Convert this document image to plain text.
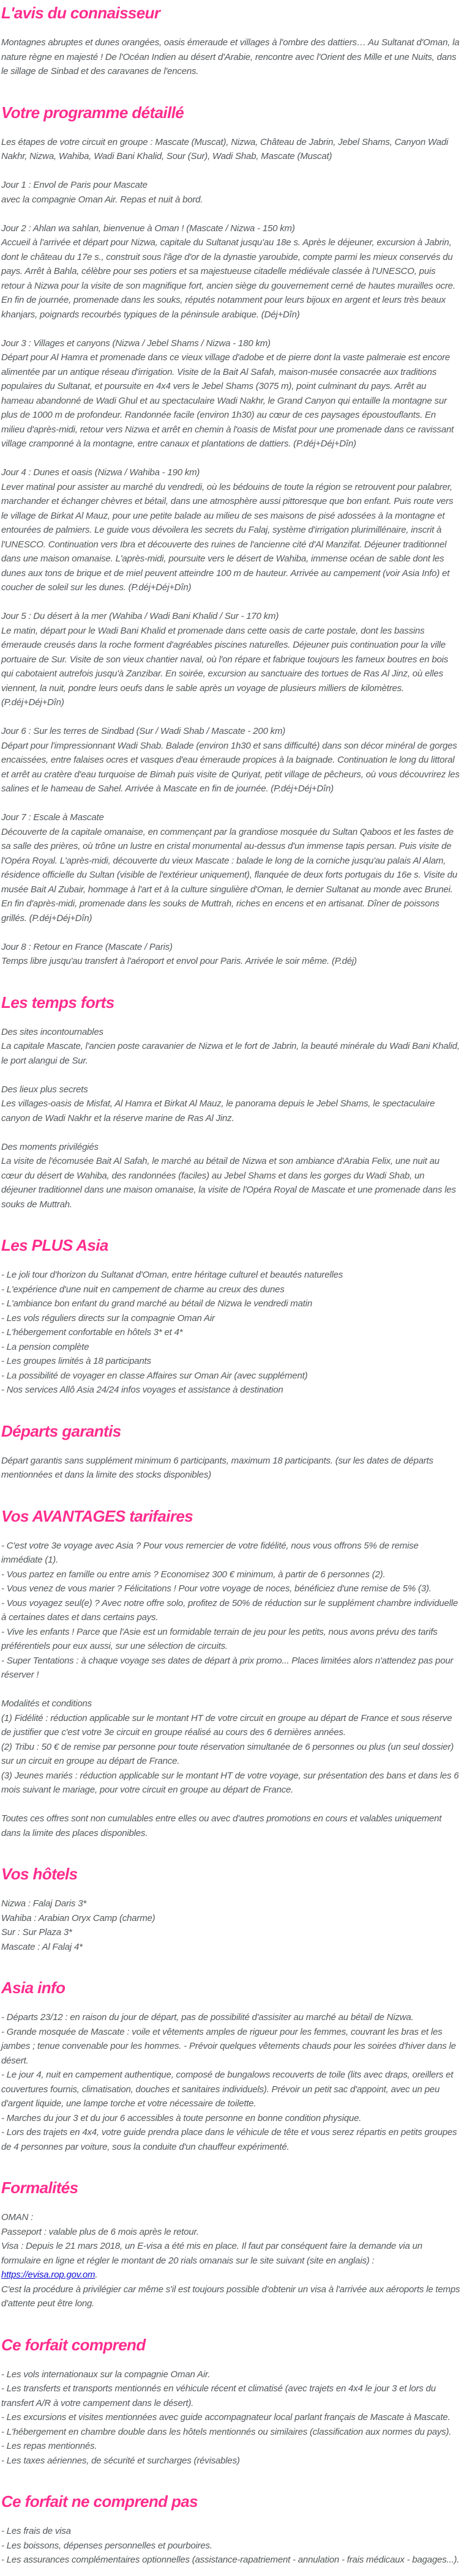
L'avis du connaisseur

Montagnes abruptes et dunes orangées, oasis émeraude et villages à l'ombre des dattiers… Au Sultanat d'Oman, la nature règne en majesté ! De l'Océan Indien au désert d'Arabie, rencontre avec l'Orient des Mille et une Nuits, dans le sillage de Sinbad et des caravanes de l'encens.

Votre programme détaillé

Les étapes de votre circuit en groupe : Mascate (Muscat), Nizwa, Château de Jabrin, Jebel Shams, Canyon Wadi Nakhr, Nizwa, Wahiba, Wadi Bani Khalid, Sour (Sur), Wadi Shab, Mascate (Muscat)

Jour 1 : Envol de Paris pour Mascate
avec la compagnie Oman Air. Repas et nuit à bord.

Jour 2 : Ahlan wa sahlan, bienvenue à Oman ! (Mascate / Nizwa - 150 km)
Accueil à l'arrivée et départ pour Nizwa, capitale du Sultanat jusqu'au 18e s. Après le déjeuner, excursion à Jabrin, dont le château du 17e s., construit sous l'âge d'or de la dynastie yaroubide, compte parmi les mieux conservés du pays. Arrêt à Bahla, célèbre pour ses potiers et sa majestueuse citadelle médiévale classée à l'UNESCO, puis retour à Nizwa pour la visite de son magnifique fort, ancien siège du gouvernement cerné de hautes murailles ocre. En fin de journée, promenade dans les souks, réputés notamment pour leurs bijoux en argent et leurs très beaux khanjars, poignards recourbés typiques de la péninsule arabique. (Déj+Dîn)

Jour 3 : Villages et canyons (Nizwa / Jebel Shams / Nizwa - 180 km)
Départ pour Al Hamra et promenade dans ce vieux village d'adobe et de pierre dont la vaste palmeraie est encore alimentée par un antique réseau d'irrigation. Visite de la Bait Al Safah, maison-musée consacrée aux traditions populaires du Sultanat, et poursuite en 4x4 vers le Jebel Shams (3075 m), point culminant du pays. Arrêt au hameau abandonné de Wadi Ghul et au spectaculaire Wadi Nakhr, le Grand Canyon qui entaille la montagne sur plus de 1000 m de profondeur. Randonnée facile (environ 1h30) au cœur de ces paysages époustouflants. En milieu d'après-midi, retour vers Nizwa et arrêt en chemin à l'oasis de Misfat pour une promenade dans ce ravissant village cramponné à la montagne, entre canaux et plantations de dattiers. (P.déj+Déj+Dîn)

Jour 4 : Dunes et oasis (Nizwa / Wahiba - 190 km)
Lever matinal pour assister au marché du vendredi, où les bédouins de toute la région se retrouvent pour palabrer, marchander et échanger chèvres et bétail, dans une atmosphère aussi pittoresque que bon enfant. Puis route vers le village de Birkat Al Mauz, pour une petite balade au milieu de ses maisons de pisé adossées à la montagne et entourées de palmiers. Le guide vous dévoilera les secrets du Falaj, système d'irrigation plurimillénaire, inscrit à l'UNESCO. Continuation vers Ibra et découverte des ruines de l'ancienne cité d'Al Manzifat. Déjeuner traditionnel dans une maison omanaise. L'après-midi, poursuite vers le désert de Wahiba, immense océan de sable dont les dunes aux tons de brique et de miel peuvent atteindre 100 m de hauteur. Arrivée au campement (voir Asia Info) et coucher de soleil sur les dunes. (P.déj+Déj+Dîn)

Jour 5 : Du désert à la mer (Wahiba / Wadi Bani Khalid / Sur - 170 km)
Le matin, départ pour le Wadi Bani Khalid et promenade dans cette oasis de carte postale, dont les bassins émeraude creusés dans la roche forment d'agréables piscines naturelles. Déjeuner puis continuation pour la ville portuaire de Sur. Visite de son vieux chantier naval, où l'on répare et fabrique toujours les fameux boutres en bois qui cabotaient autrefois jusqu'à Zanzibar. En soirée, excursion au sanctuaire des tortues de Ras Al Jinz, où elles viennent, la nuit, pondre leurs oeufs dans le sable après un voyage de plusieurs milliers de kilomètres. (P.déj+Déj+Dîn)

Jour 6 : Sur les terres de Sindbad (Sur / Wadi Shab / Mascate - 200 km)
Départ pour l'impressionnant Wadi Shab. Balade (environ 1h30 et sans difficulté) dans son décor minéral de gorges encaissées, entre falaises ocres et vasques d'eau émeraude propices à la baignade. Continuation le long du littoral et arrêt au cratère d'eau turquoise de Bimah puis visite de Quriyat, petit village de pêcheurs, où vous découvrirez les salines et le hameau de Sahel. Arrivée à Mascate en fin de journée. (P.déj+Déj+Dîn)

Jour 7 : Escale à Mascate
Découverte de la capitale omanaise, en commençant par la grandiose mosquée du Sultan Qaboos et les fastes de sa salle des prières, où trône un lustre en cristal monumental au-dessus d'un immense tapis persan. Puis visite de l'Opéra Royal. L'après-midi, découverte du vieux Mascate : balade le long de la corniche jusqu'au palais Al Alam, résidence officielle du Sultan (visible de l'extérieur uniquement), flanquée de deux forts portugais du 16e s. Visite du musée Bait Al Zubair, hommage à l'art et à la culture singulière d'Oman, le dernier Sultanat au monde avec Brunei. En fin d'après-midi, promenade dans les souks de Muttrah, riches en encens et en artisanat. Dîner de poissons grillés. (P.déj+Déj+Dîn)

Jour 8 : Retour en France (Mascate / Paris)
Temps libre jusqu'au transfert à l'aéroport et envol pour Paris. Arrivée le soir même. (P.déj)

Les temps forts

Des sites incontournables
La capitale Mascate, l'ancien poste caravanier de Nizwa et le fort de Jabrin, la beauté minérale du Wadi Bani Khalid, le port alangui de Sur.

Des lieux plus secrets
Les villages-oasis de Misfat, Al Hamra et Birkat Al Mauz, le panorama depuis le Jebel Shams, le spectaculaire canyon de Wadi Nakhr et la réserve marine de Ras Al Jinz.

Des moments privilégiés
La visite de l'écomusée Bait Al Safah, le marché au bétail de Nizwa et son ambiance d'Arabia Felix, une nuit au cœur du désert de Wahiba, des randonnées (faciles) au Jebel Shams et dans les gorges du Wadi Shab, un déjeuner traditionnel dans une maison omanaise, la visite de l'Opéra Royal de Mascate et une promenade dans les souks de Muttrah.

Les PLUS Asia

- Le joli tour d'horizon du Sultanat d'Oman, entre héritage culturel et beautés naturelles
- L'expérience d'une nuit en campement de charme au creux des dunes
- L'ambiance bon enfant du grand marché au bétail de Nizwa le vendredi matin
- Les vols réguliers directs sur la compagnie Oman Air
- L'hébergement confortable en hôtels 3* et 4*
- La pension complète
- Les groupes limités à 18 participants
- La possibilité de voyager en classe Affaires sur Oman Air (avec supplément)
- Nos services Allô Asia 24/24 infos voyages et assistance à destination

Départs garantis

Départ garantis sans supplément minimum 6 participants, maximum 18 participants. (sur les dates de départs mentionnées et dans la limite des stocks disponibles)

Vos AVANTAGES tarifaires

- C'est votre 3e voyage avec Asia ? Pour vous remercier de votre fidélité, nous vous offrons 5% de remise immédiate (1).
- Vous partez en famille ou entre amis ? Economisez 300 € minimum, à partir de 6 personnes (2).
- Vous venez de vous marier ? Félicitations ! Pour votre voyage de noces, bénéficiez d'une remise de 5% (3).
- Vous voyagez seul(e) ? Avec notre offre solo, profitez de 50% de réduction sur le supplément chambre individuelle à certaines dates et dans certains pays.
- Vive les enfants ! Parce que l'Asie est un formidable terrain de jeu pour les petits, nous avons prévu des tarifs préférentiels pour eux aussi, sur une sélection de circuits.
- Super Tentations : à chaque voyage ses dates de départ à prix promo... Places limitées alors n'attendez pas pour réserver !

Modalités et conditions
(1) Fidélité : réduction applicable sur le montant HT de votre circuit en groupe au départ de France et sous réserve de justifier que c'est votre 3e circuit en groupe réalisé au cours des 6 dernières années.
(2) Tribu : 50 € de remise par personne pour toute réservation simultanée de 6 personnes ou plus (un seul dossier) sur un circuit en groupe au départ de France.
(3) Jeunes mariés : réduction applicable sur le montant HT de votre voyage, sur présentation des bans et dans les 6 mois suivant le mariage, pour votre circuit en groupe au départ de France.

Toutes ces offres sont non cumulables entre elles ou avec d'autres promotions en cours et valables uniquement dans la limite des places disponibles.

Vos hôtels

Nizwa : Falaj Daris 3*
Wahiba : Arabian Oryx Camp (charme)
Sur : Sur Plaza 3*
Mascate : Al Falaj 4*

Asia info

- Départs 23/12 : en raison du jour de départ, pas de possibilité d'assisiter au marché au bétail de Nizwa.
- Grande mosquée de Mascate : voile et vêtements amples de rigueur pour les femmes, couvrant les bras et les jambes ; tenue convenable pour les hommes. - Prévoir quelques vêtements chauds pour les soirées d'hiver dans le désert.
- Le jour 4, nuit en campement authentique, composé de bungalows recouverts de toile (lits avec draps, oreillers et couvertures fournis, climatisation, douches et sanitaires individuels). Prévoir un petit sac d'appoint, avec un peu d'argent liquide, une lampe torche et votre nécessaire de toilette.
- Marches du jour 3 et du jour 6 accessibles à toute personne en bonne condition physique.
- Lors des trajets en 4x4, votre guide prendra place dans le véhicule de tête et vous serez répartis en petits groupes de 4 personnes par voiture, sous la conduite d'un chauffeur expérimenté.

Formalités

OMAN :
Passeport : valable plus de 6 mois après le retour.
Visa : Depuis le 21 mars 2018, un E-visa a été mis en place. Il faut par conséquent faire la demande via un formulaire en ligne et régler le montant de 20 rials omanais sur le site suivant (site en anglais) : https://evisa.rop.gov.om.
C'est la procédure à privilégier car même s'il est toujours possible d'obtenir un visa à l'arrivée aux aéroports le temps d'attente peut être long.

Ce forfait comprend

- Les vols internationaux sur la compagnie Oman Air.
- Les transferts et transports mentionnés en véhicule récent et climatisé (avec trajets en 4x4 le jour 3 et lors du transfert A/R à votre campement dans le désert).
- Les excursions et visites mentionnées avec guide accompagnateur local parlant français de Mascate à Mascate.
- L'hébergement en chambre double dans les hôtels mentionnés ou similaires (classification aux normes du pays).
- Les repas mentionnés.
- Les taxes aériennes, de sécurité et surcharges (révisables)

Ce forfait ne comprend pas

- Les frais de visa
- Les boissons, dépenses personnelles et pourboires.
- Les assurances complémentaires optionnelles (assistance-rapatriement - annulation - frais médicaux - bagages...).
